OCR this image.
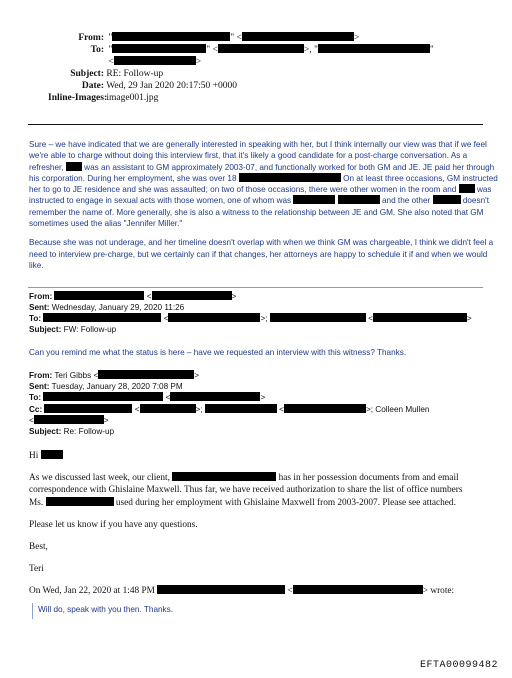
From: "	" <	>
To: "	" <	>, "	"
<	>
Subject: RE: Follow-up
Date: Wed, 29 Jan 2020 20:17:50 +0000
Inline-Images: image001.jpg

Sure – we have indicated that we are generally interested in speaking with her, but I think internally our view was that if we feel we're able to charge without doing this interview first, that it's likely a good candidate for a post-charge conversation. As a refresher,	was an assistant to GM approximately 2003-07, and functionally worked for both GM and JE. JE paid her through his corporation. During her employment, she was over 18	On at least three occasions, GM instructed her to go to JE residence and she was assaulted; on two of those occasions, there were other women in the room and	was instructed to engage in sexual acts with those women, one of whom was	and the other	doesn't remember the name of. More generally, she is also a witness to the relationship between JE and GM. She also noted that GM sometimes used the alias "Jennifer Miller."

Because she was not underage, and her timeline doesn't overlap with when we think GM was chargeable, I think we didn't feel a need to interview pre-charge, but we certainly can if that changes, her attorneys are happy to schedule it if and when we would like.

From:	<	>
Sent: Wednesday, January 29, 2020 11:26
To:	<	>;	<	>
Subject: FW: Follow-up
Can you remind me what the status is here – have we requested an interview with this witness? Thanks.
From: Teri Gibbs <	>
Sent: Tuesday, January 28, 2020 7:08 PM
To:	<	>
Cc:	<	>;	<	>; Colleen Mullen
<	>
Subject: Re: Follow-up

Hi

As we discussed last week, our client,	has in her possession documents from and email correspondence with Ghislaine Maxwell. Thus far, we have received authorization to share the list of office numbers Ms.	used during her employment with Ghislaine Maxwell from 2003-2007. Please see attached.

Please let us know if you have any questions.

Best,

Teri

On Wed, Jan 22, 2020 at 1:48 PM	<	> wrote:

Will do, speak with you then. Thanks.
EFTA00099482
